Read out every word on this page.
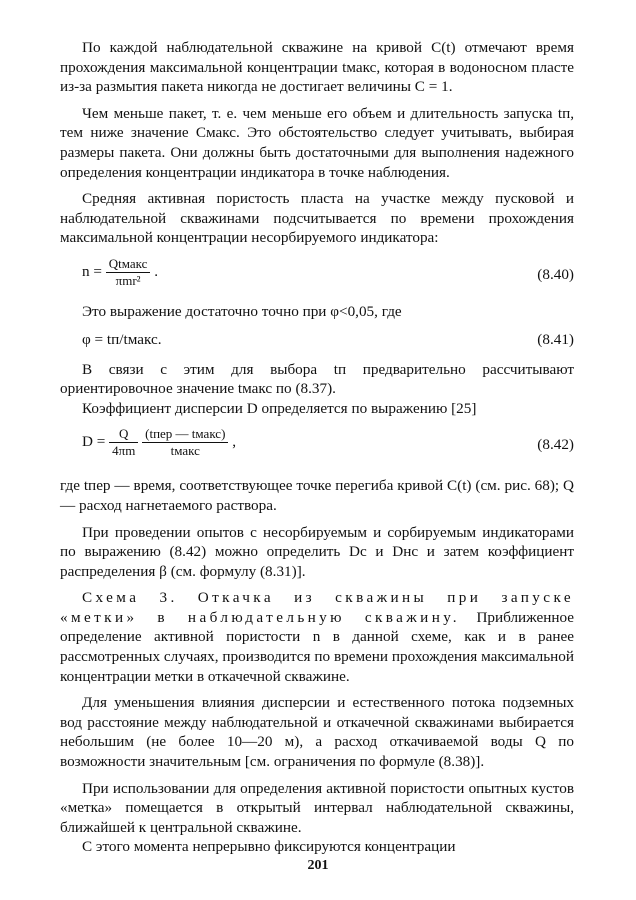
По каждой наблюдательной скважине на кривой C(t) отмечают время прохождения максимальной концентрации tмакс, которая в водоносном пласте из-за размытия пакета никогда не достигает величины C = 1.

Чем меньше пакет, т. е. чем меньше его объем и длительность запуска tп, тем ниже значение Cмакс. Это обстоятельство следует учитывать, выбирая размеры пакета. Они должны быть достаточными для выполнения надежного определения концентрации индикатора в точке наблюдения.

Средняя активная пористость пласта на участке между пусковой и наблюдательной скважинами подсчитывается по времени прохождения максимальной концентрации несорбируемого индикатора:

$n = \frac{\text{Qtмакс}}{\text{πmr²}}$ .	(8.40)

Это выражение достаточно точно при φ<0,05, где

φ = tп/tмакс.	(8.41)

В связи с этим для выбора tп предварительно рассчитывают ориентировочное значение tмакс по (8.37).

Коэффициент дисперсии D определяется по выражению [25]

$D = \frac{Q}{4\pi m}$
$\frac{\text{(tпер — tмакс)}}{\text{tмакс}}$ ,	(8.42)

где tпер — время, соответствующее точке перегиба кривой C(t) (см. рис. 68); Q — расход нагнетаемого раствора.

При проведении опытов с несорбируемым и сорбируемым индикаторами по выражению (8.42) можно определить Dс и Dнс и затем коэффициент распределения β (см. формулу (8.31)].

Схема 3. Откачка из скважины при запуске «метки» в наблюдательную скважину. Приближенное определение активной пористости n в данной схеме, как и в ранее рассмотренных случаях, производится по времени прохождения максимальной концентрации метки в откачечной скважине.

Для уменьшения влияния дисперсии и естественного потока подземных вод расстояние между наблюдательной и откачечной скважинами выбирается небольшим (не более 10—20 м), а расход откачиваемой воды Q по возможности значительным [см. ограничения по формуле (8.38)].

При использовании для определения активной пористости опытных кустов «метка» помещается в открытый интервал наблюдательной скважины, ближайшей к центральной скважине.

С этого момента непрерывно фиксируются концентрации

201
